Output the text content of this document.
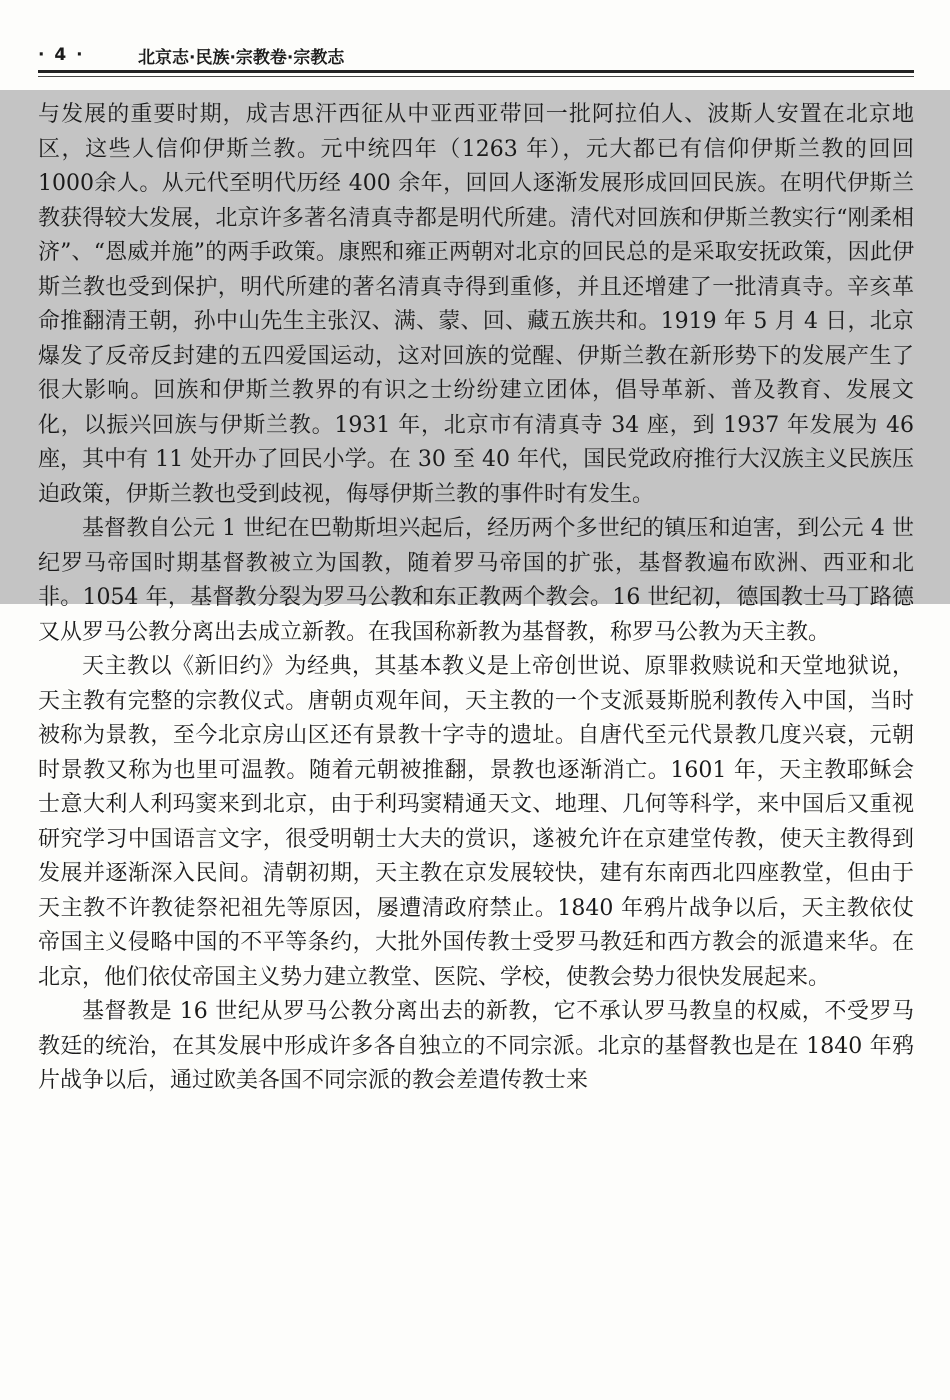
· 4 ·	北京志·民族·宗教卷·宗教志

与发展的重要时期，成吉思汗西征从中亚西亚带回一批阿拉伯人、波斯人安置在北京地区，这些人信仰伊斯兰教。元中统四年（1263 年），元大都已有信仰伊斯兰教的回回1000余人。从元代至明代历经 400 余年，回回人逐渐发展形成回回民族。在明代伊斯兰教获得较大发展，北京许多著名清真寺都是明代所建。清代对回族和伊斯兰教实行“刚柔相济”、“恩威并施”的两手政策。康熙和雍正两朝对北京的回民总的是采取安抚政策，因此伊斯兰教也受到保护，明代所建的著名清真寺得到重修，并且还增建了一批清真寺。辛亥革命推翻清王朝，孙中山先生主张汉、满、蒙、回、藏五族共和。1919 年 5 月 4 日，北京爆发了反帝反封建的五四爱国运动，这对回族的觉醒、伊斯兰教在新形势下的发展产生了很大影响。回族和伊斯兰教界的有识之士纷纷建立团体，倡导革新、普及教育、发展文化，以振兴回族与伊斯兰教。1931 年，北京市有清真寺 34 座，到 1937 年发展为 46 座，其中有 11 处开办了回民小学。在 30 至 40 年代，国民党政府推行大汉族主义民族压迫政策，伊斯兰教也受到歧视，侮辱伊斯兰教的事件时有发生。

基督教自公元 1 世纪在巴勒斯坦兴起后，经历两个多世纪的镇压和迫害，到公元 4 世纪罗马帝国时期基督教被立为国教，随着罗马帝国的扩张，基督教遍布欧洲、西亚和北非。1054 年，基督教分裂为罗马公教和东正教两个教会。16 世纪初，德国教士马丁路德又从罗马公教分离出去成立新教。在我国称新教为基督教，称罗马公教为天主教。

天主教以《新旧约》为经典，其基本教义是上帝创世说、原罪救赎说和天堂地狱说，天主教有完整的宗教仪式。唐朝贞观年间，天主教的一个支派聂斯脱利教传入中国，当时被称为景教，至今北京房山区还有景教十字寺的遗址。自唐代至元代景教几度兴衰，元朝时景教又称为也里可温教。随着元朝被推翻，景教也逐渐消亡。1601 年，天主教耶稣会士意大利人利玛窦来到北京，由于利玛窦精通天文、地理、几何等科学，来中国后又重视研究学习中国语言文字，很受明朝士大夫的赏识，遂被允许在京建堂传教，使天主教得到发展并逐渐深入民间。清朝初期，天主教在京发展较快，建有东南西北四座教堂，但由于天主教不许教徒祭祀祖先等原因，屡遭清政府禁止。1840 年鸦片战争以后，天主教依仗帝国主义侵略中国的不平等条约，大批外国传教士受罗马教廷和西方教会的派遣来华。在北京，他们依仗帝国主义势力建立教堂、医院、学校，使教会势力很快发展起来。

基督教是 16 世纪从罗马公教分离出去的新教，它不承认罗马教皇的权威，不受罗马教廷的统治，在其发展中形成许多各自独立的不同宗派。北京的基督教也是在 1840 年鸦片战争以后，通过欧美各国不同宗派的教会差遣传教士来
